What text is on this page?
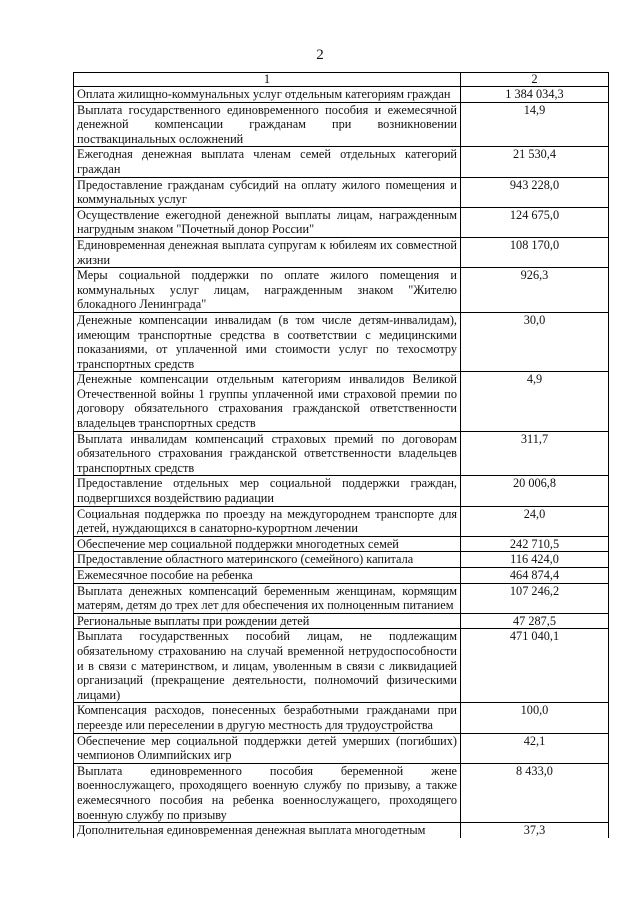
2
1	2
Оплата жилищно-коммунальных услуг отдельным категориям граждан	1 384 034,3
Выплата государственного единовременного пособия и ежемесячной денежной компенсации гражданам при возникновении поствакцинальных осложнений	14,9
Ежегодная денежная выплата членам семей отдельных категорий граждан	21 530,4
Предоставление гражданам субсидий на оплату жилого помещения и коммунальных услуг	943 228,0
Осуществление ежегодной денежной выплаты лицам, награжденным нагрудным знаком "Почетный донор России"	124 675,0
Единовременная денежная выплата супругам к юбилеям их совместной жизни	108 170,0
Меры социальной поддержки по оплате жилого помещения и коммунальных услуг лицам, награжденным знаком "Жителю блокадного Ленинграда"	926,3
Денежные компенсации инвалидам (в том числе детям-инвалидам), имеющим транспортные средства в соответствии с медицинскими показаниями, от уплаченной ими стоимости услуг по техосмотру транспортных средств	30,0
Денежные компенсации отдельным категориям инвалидов Великой Отечественной войны 1 группы уплаченной ими страховой премии по договору обязательного страхования гражданской ответственности владельцев транспортных средств	4,9
Выплата инвалидам компенсаций страховых премий по договорам обязательного страхования гражданской ответственности владельцев транспортных средств	311,7
Предоставление отдельных мер социальной поддержки граждан, подвергшихся воздействию радиации	20 006,8
Социальная поддержка по проезду на междугороднем транспорте для детей, нуждающихся в санаторно-курортном лечении	24,0
Обеспечение мер социальной поддержки многодетных семей	242 710,5
Предоставление областного материнского (семейного) капитала	116 424,0
Ежемесячное пособие на ребенка	464 874,4
Выплата денежных компенсаций беременным женщинам, кормящим матерям, детям до трех лет для обеспечения их полноценным питанием	107 246,2
Региональные выплаты при рождении детей	47 287,5
Выплата государственных пособий лицам, не подлежащим обязательному страхованию на случай временной нетрудоспособности и в связи с материнством, и лицам, уволенным в связи с ликвидацией организаций (прекращение деятельности, полномочий физическими лицами)	471 040,1
Компенсация расходов, понесенных безработными гражданами при переезде или переселении в другую местность для трудоустройства	100,0
Обеспечение мер социальной поддержки детей умерших (погибших) чемпионов Олимпийских игр	42,1
Выплата единовременного пособия беременной жене военнослужащего, проходящего военную службу по призыву, а также ежемесячного пособия на ребенка военнослужащего, проходящего военную службу по призыву	8 433,0
Дополнительная единовременная денежная выплата многодетным	37,3
